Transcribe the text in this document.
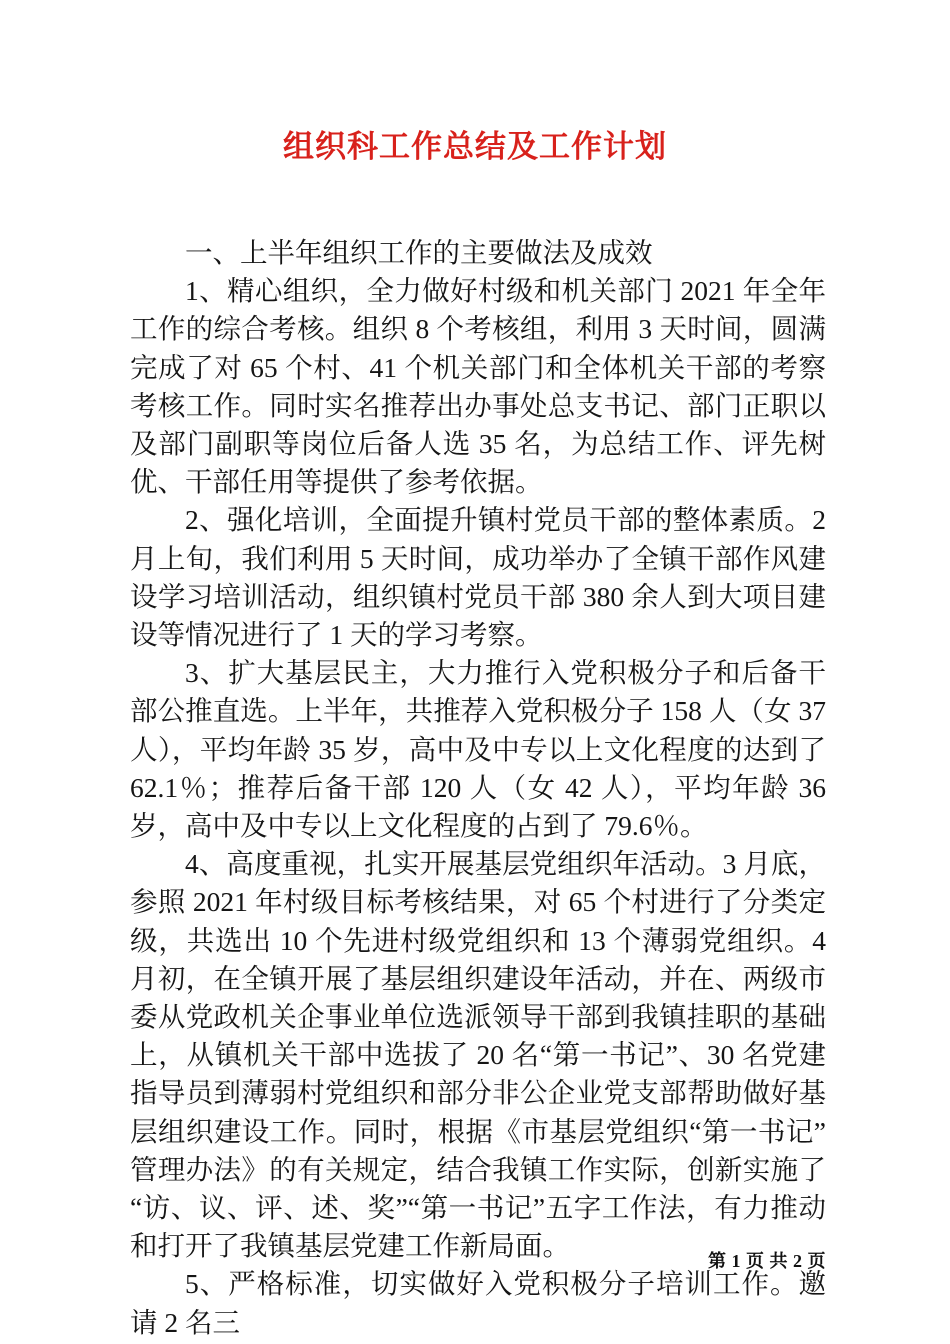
组织科工作总结及工作计划

一、上半年组织工作的主要做法及成效

1、精心组织，全力做好村级和机关部门 2021 年全年工作的综合考核。组织 8 个考核组，利用 3 天时间，圆满完成了对 65 个村、41 个机关部门和全体机关干部的考察考核工作。同时实名推荐出办事处总支书记、部门正职以及部门副职等岗位后备人选 35 名，为总结工作、评先树优、干部任用等提供了参考依据。

2、强化培训，全面提升镇村党员干部的整体素质。2 月上旬，我们利用 5 天时间，成功举办了全镇干部作风建设学习培训活动，组织镇村党员干部 380 余人到大项目建设等情况进行了 1 天的学习考察。

3、扩大基层民主，大力推行入党积极分子和后备干部公推直选。上半年，共推荐入党积极分子 158 人（女 37 人），平均年龄 35 岁，高中及中专以上文化程度的达到了 62.1％；推荐后备干部 120 人（女 42 人），平均年龄 36 岁，高中及中专以上文化程度的占到了 79.6％。

4、高度重视，扎实开展基层党组织年活动。3 月底，参照 2021 年村级目标考核结果，对 65 个村进行了分类定级，共选出 10 个先进村级党组织和 13 个薄弱党组织。4 月初，在全镇开展了基层组织建设年活动，并在、两级市委从党政机关企事业单位选派领导干部到我镇挂职的基础上，从镇机关干部中选拔了 20 名“第一书记”、30 名党建指导员到薄弱村党组织和部分非公企业党支部帮助做好基层组织建设工作。同时，根据《市基层党组织“第一书记”管理办法》的有关规定，结合我镇工作实际，创新实施了“访、议、评、述、奖”“第一书记”五字工作法，有力推动和打开了我镇基层党建工作新局面。

5、严格标准，切实做好入党积极分子培训工作。邀请 2 名三

第 1 页 共 2 页
